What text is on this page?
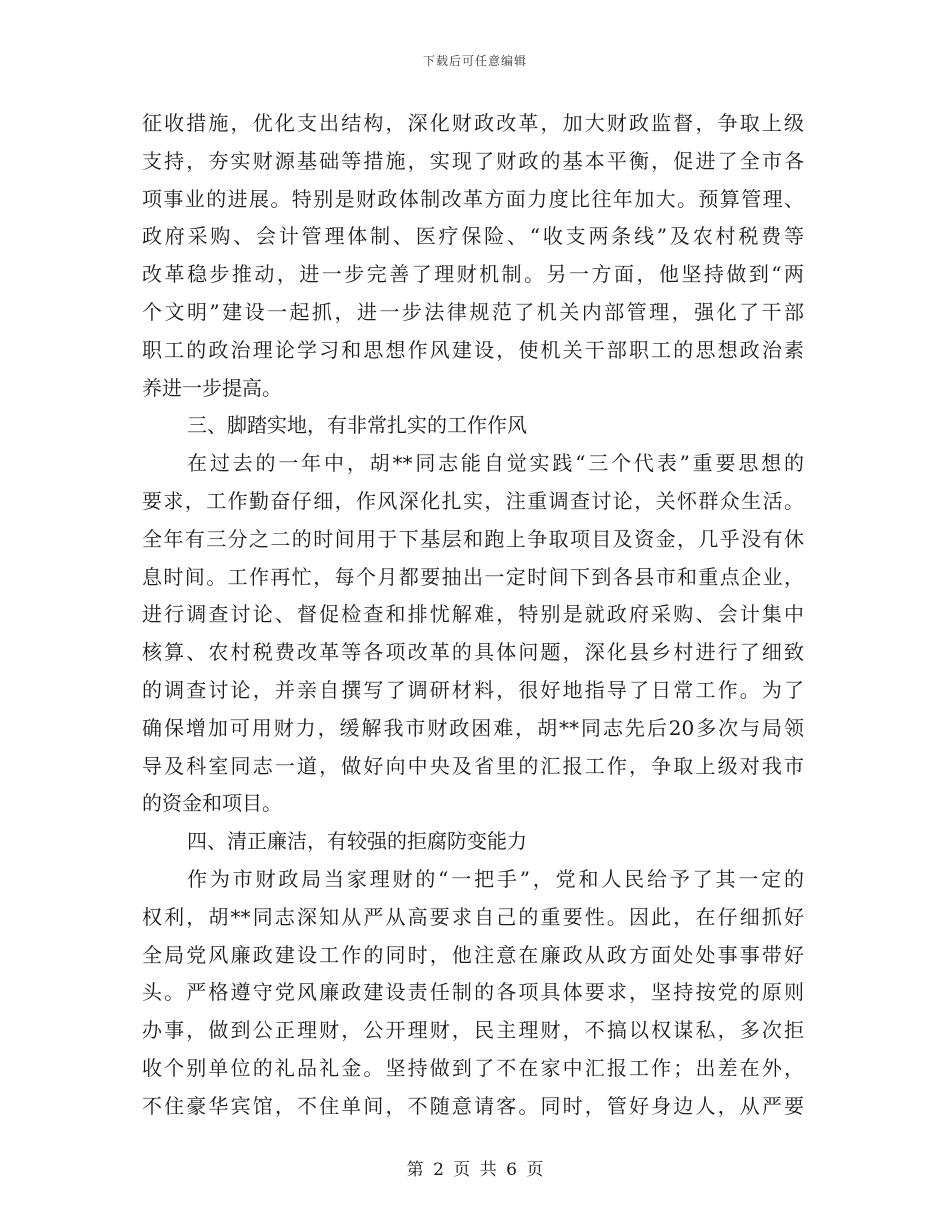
下载后可任意编辑
征收措施，优化支出结构，深化财政改革，加大财政监督，争取上级
支持，夯实财源基础等措施，实现了财政的基本平衡，促进了全市各
项事业的进展。特别是财政体制改革方面力度比往年加大。预算管理、
政府采购、会计管理体制、医疗保险、“收支两条线”及农村税费等
改革稳步推动，进一步完善了理财机制。另一方面，他坚持做到“两
个文明”建设一起抓，进一步法律规范了机关内部管理，强化了干部
职工的政治理论学习和思想作风建设，使机关干部职工的思想政治素
养进一步提高。
三、脚踏实地，有非常扎实的工作作风
在过去的一年中，胡**同志能自觉实践“三个代表”重要思想的
要求，工作勤奋仔细，作风深化扎实，注重调查讨论，关怀群众生活。
全年有三分之二的时间用于下基层和跑上争取项目及资金，几乎没有休
息时间。工作再忙，每个月都要抽出一定时间下到各县市和重点企业，
进行调查讨论、督促检查和排忧解难，特别是就政府采购、会计集中
核算、农村税费改革等各项改革的具体问题，深化县乡村进行了细致
的调查讨论，并亲自撰写了调研材料，很好地指导了日常工作。为了
确保增加可用财力，缓解我市财政困难，胡**同志先后20多次与局领
导及科室同志一道，做好向中央及省里的汇报工作，争取上级对我市
的资金和项目。
四、清正廉洁，有较强的拒腐防变能力
作为市财政局当家理财的“一把手”，党和人民给予了其一定的
权利，胡**同志深知从严从高要求自己的重要性。因此，在仔细抓好
全局党风廉政建设工作的同时，他注意在廉政从政方面处处事事带好
头。严格遵守党风廉政建设责任制的各项具体要求，坚持按党的原则
办事，做到公正理财，公开理财，民主理财，不搞以权谋私，多次拒
收个别单位的礼品礼金。坚持做到了不在家中汇报工作；出差在外，
不住豪华宾馆，不住单间，不随意请客。同时，管好身边人，从严要
第 2 页 共 6 页
